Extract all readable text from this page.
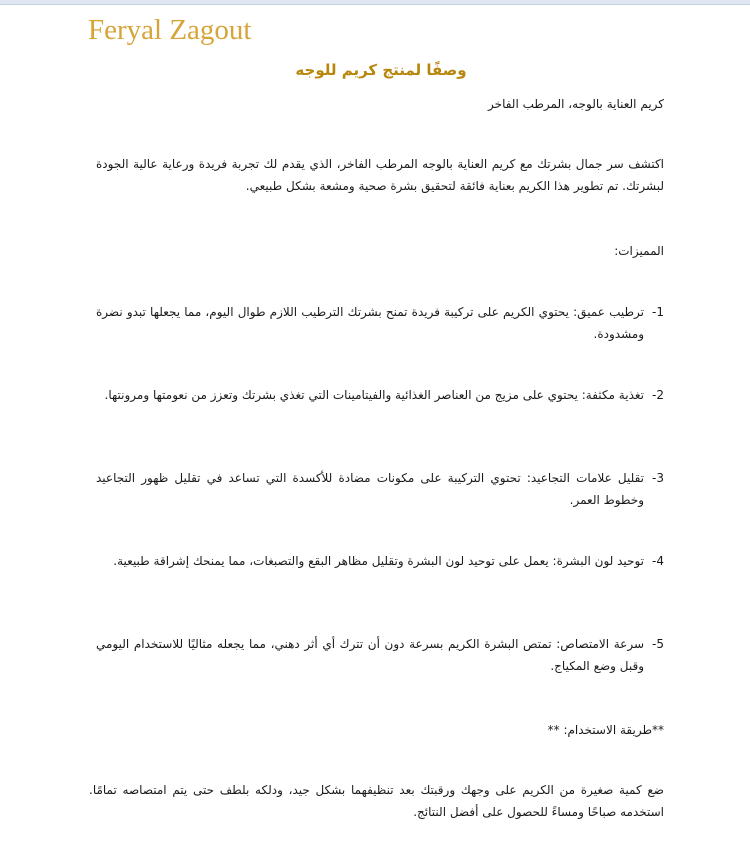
Feryal Zagout
وصفًا لمنتج كريم للوجه
كريم العناية بالوجه، المرطب الفاخر
اكتشف سر جمال بشرتك مع كريم العناية بالوجه المرطب الفاخر، الذي يقدم لك تجربة فريدة ورعاية عالية الجودة لبشرتك. تم تطوير هذا الكريم بعناية فائقة لتحقيق بشرة صحية ومشعة بشكل طبيعي.
المميزات:
-1
ترطيب عميق: يحتوي الكريم على تركيبة فريدة تمنح بشرتك الترطيب اللازم طوال اليوم، مما يجعلها تبدو نضرة ومشدودة.
-2
تغذية مكثفة: يحتوي على مزيج من العناصر الغذائية والفيتامينات التي تغذي بشرتك وتعزز من نعومتها ومرونتها.
-3
تقليل علامات التجاعيد: تحتوي التركيبة على مكونات مضادة للأكسدة التي تساعد في تقليل ظهور التجاعيد وخطوط العمر.
-4
توحيد لون البشرة: يعمل على توحيد لون البشرة وتقليل مظاهر البقع والتصبغات، مما يمنحك إشراقة طبيعية.
-5
سرعة الامتصاص: تمتص البشرة الكريم بسرعة دون أن تترك أي أثر دهني، مما يجعله مثاليًا للاستخدام اليومي وقبل وضع المكياج.
**طريقة الاستخدام: **
ضع كمية صغيرة من الكريم على وجهك ورقبتك بعد تنظيفهما بشكل جيد، ودلكه بلطف حتى يتم امتصاصه تمامًا. استخدمه صباحًا ومساءً للحصول على أفضل النتائج.
